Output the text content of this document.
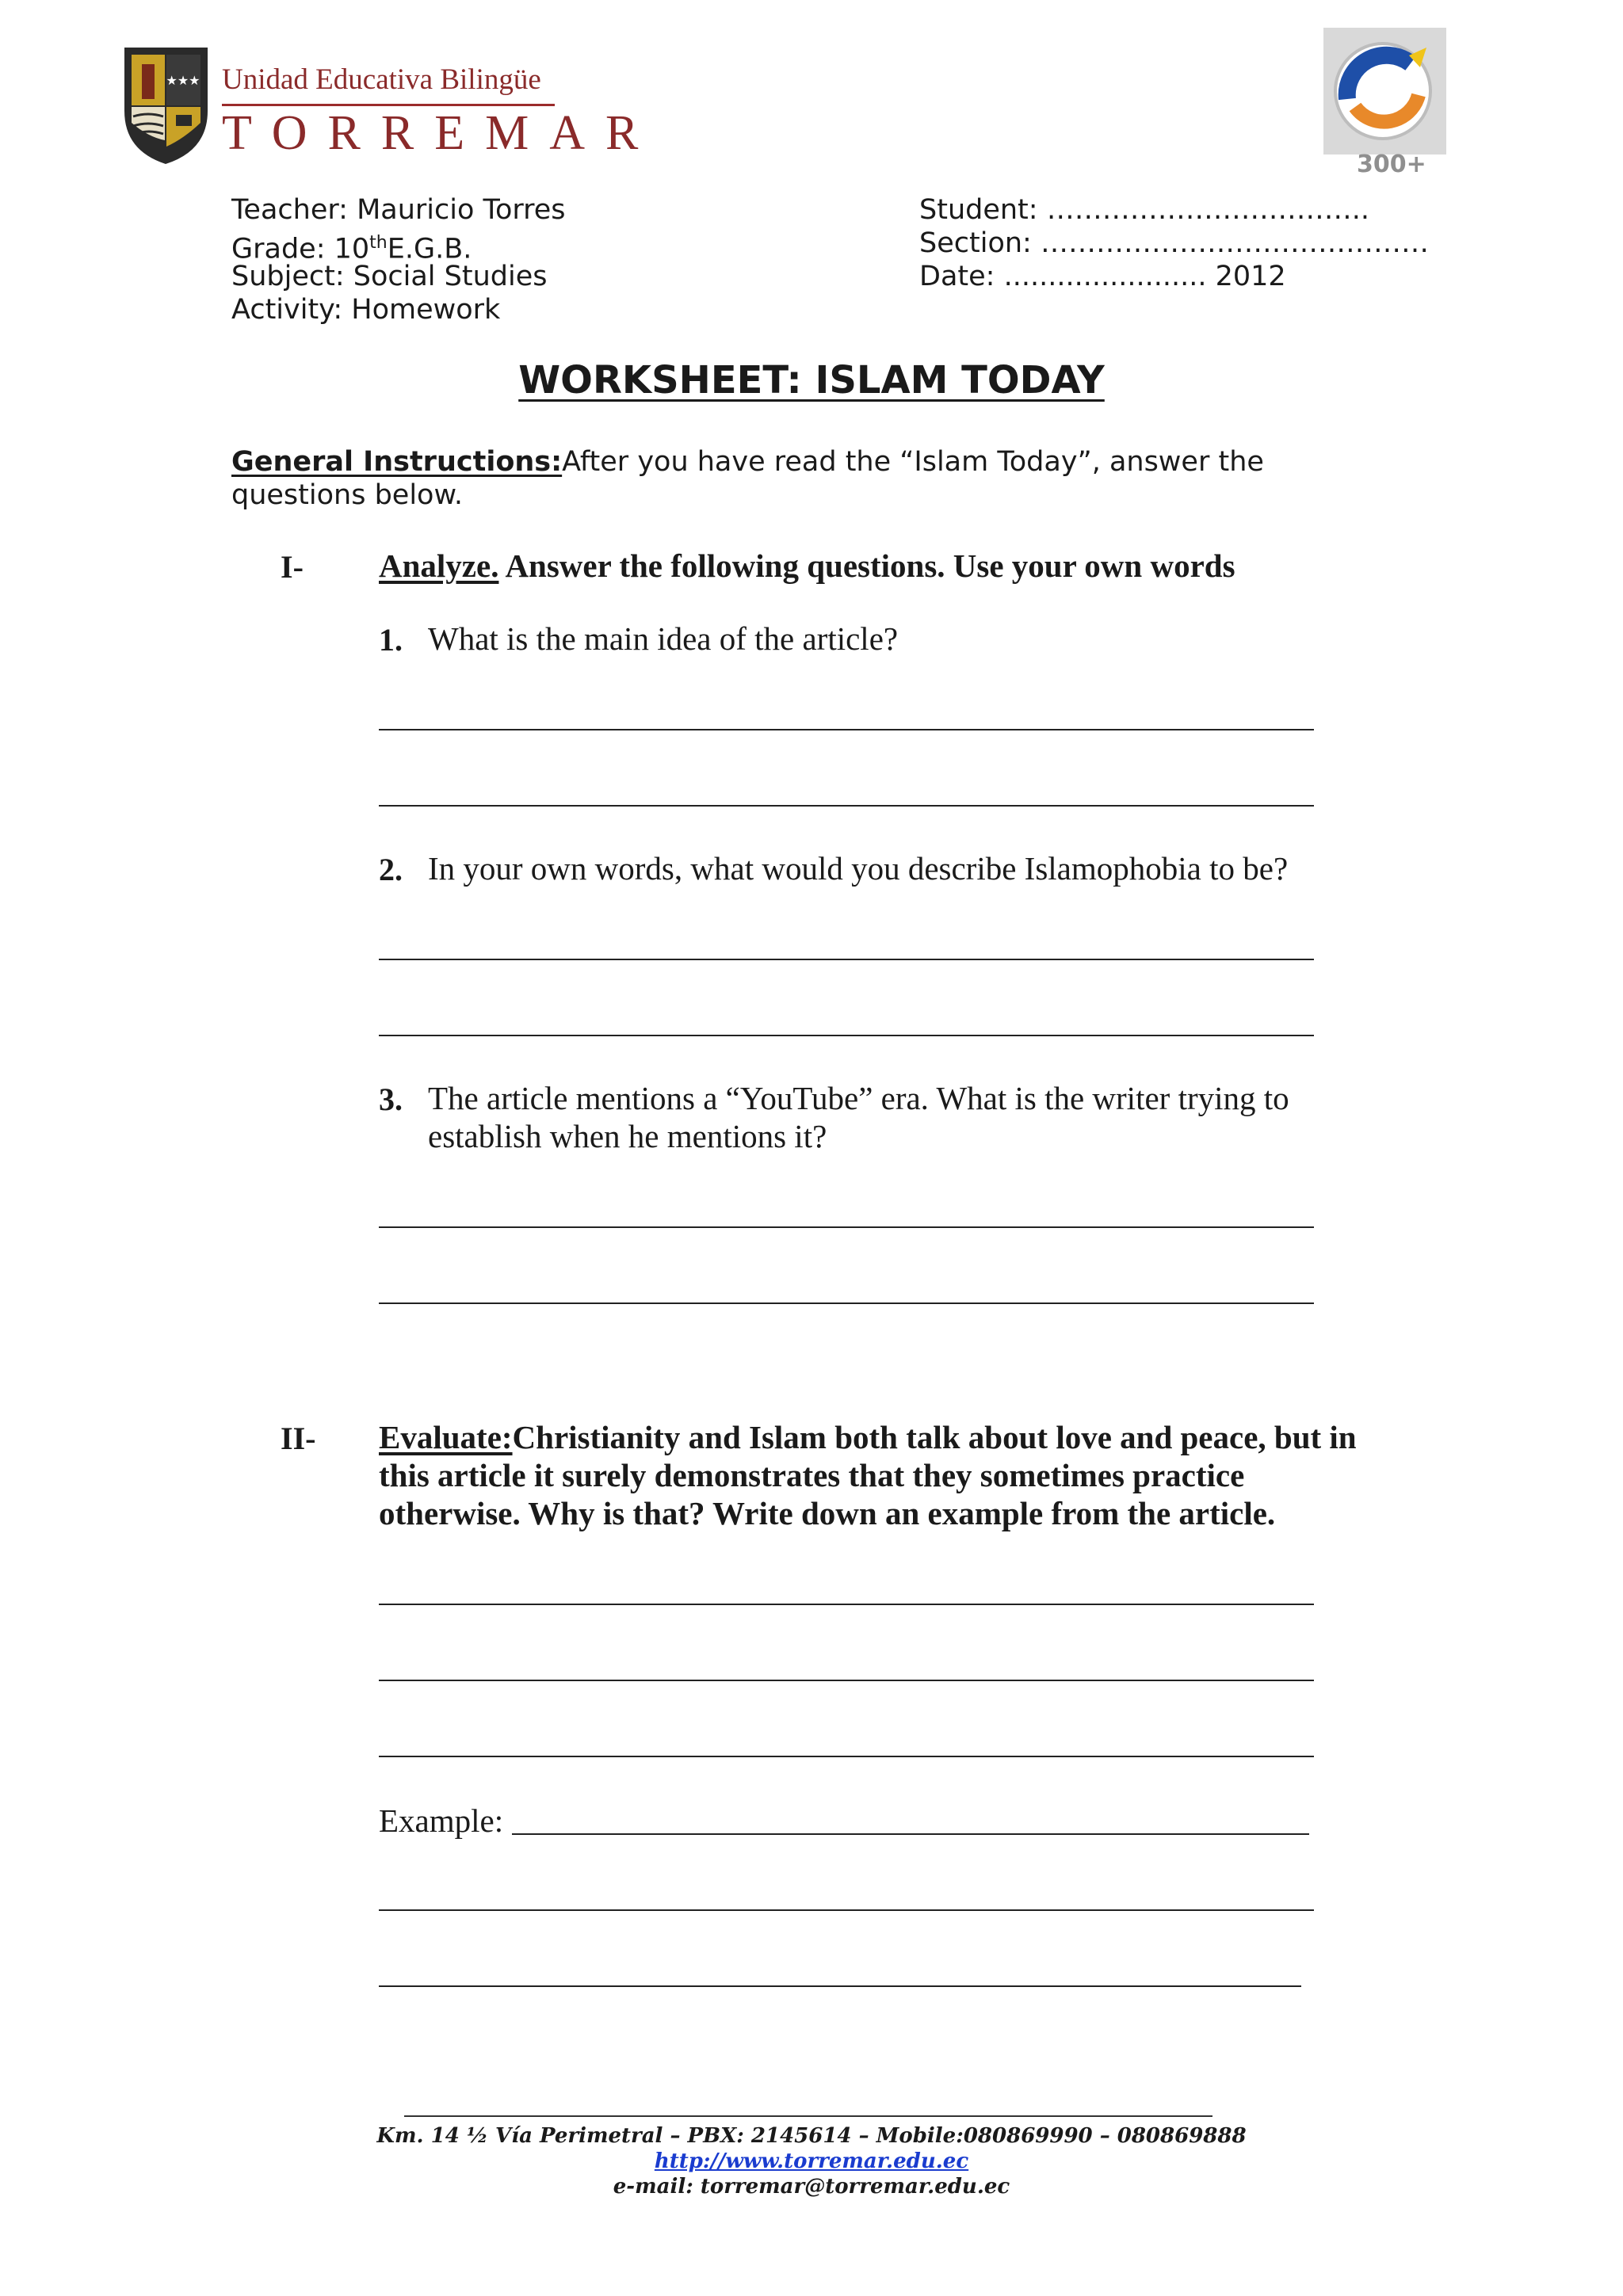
★★★ Unidad Educativa Bilingüe
TORREMAR
300+
Teacher: Mauricio Torres
Grade: 10thE.G.B.
Subject: Social Studies
Activity: Homework
Student: ……………………………..
Section: ……………………………………
Date: ....................... 2012
WORKSHEET: ISLAM TODAY
General Instructions:After you have read the “Islam Today”, answer the questions below.
I- Analyze. Answer the following questions. Use your own words
1. What is the main idea of the article?
2. In your own words, what would you describe Islamophobia to be?
3. The article mentions a “YouTube” era. What is the writer trying to establish when he mentions it?
II- Evaluate:Christianity and Islam both talk about love and peace, but in this article it surely demonstrates that they sometimes practice otherwise. Why is that? Write down an example from the article.
Example:
Km. 14 ½ Vía Perimetral – PBX: 2145614 – Mobile:080869990 – 080869888
http://www.torremar.edu.ec
e-mail: torremar@torremar.edu.ec
